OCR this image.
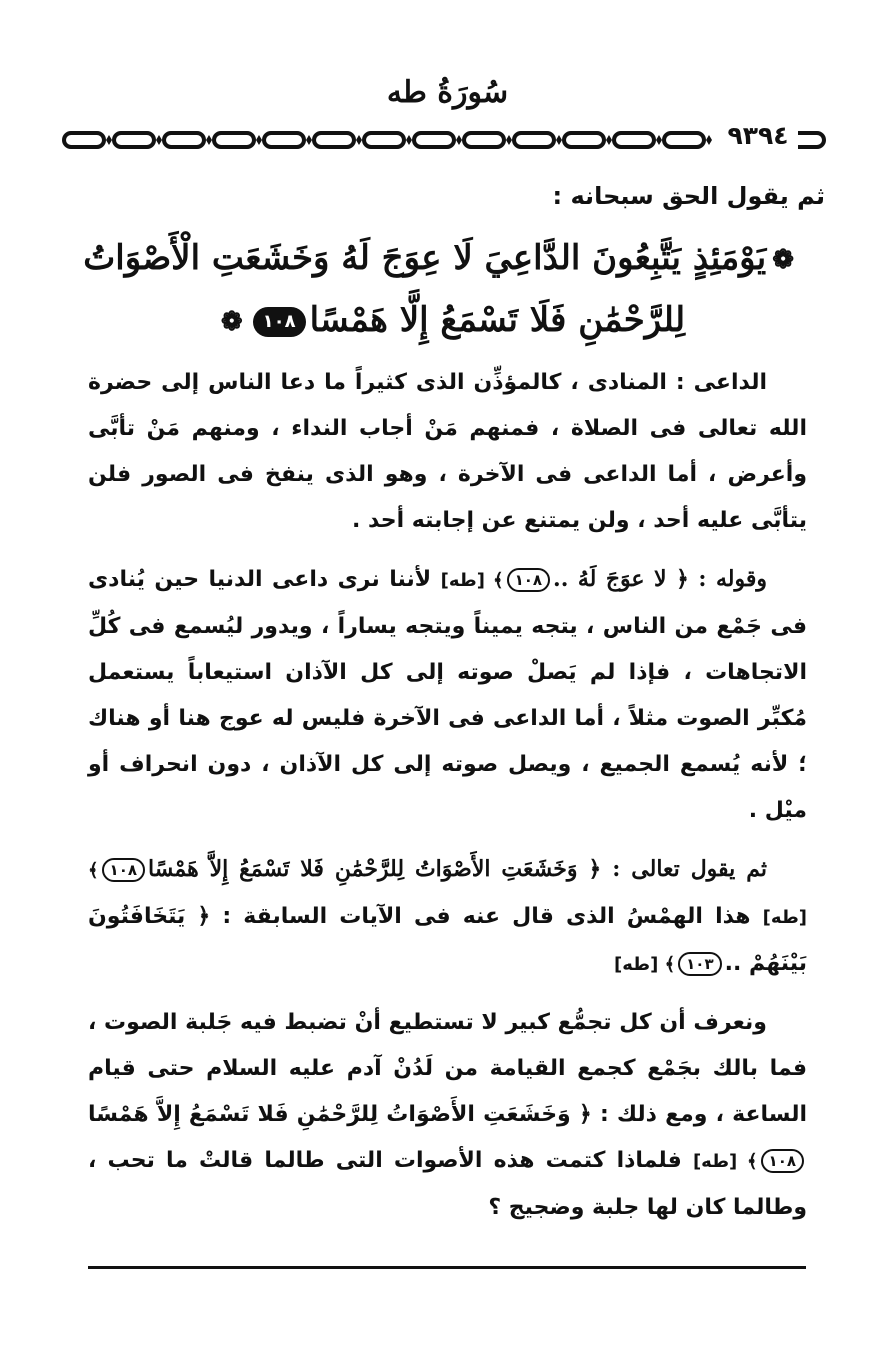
سُورَةُ طه
٩٣٩٤
ثم يقول الحق سبحانه :
❁يَوْمَئِذٍ يَتَّبِعُونَ الدَّاعِيَ لَا عِوَجَ لَهُ وَخَشَعَتِ الْأَصْوَاتُ
لِلرَّحْمَٰنِ فَلَا تَسْمَعُ إِلَّا هَمْسًا١٠٨❁

الداعى : المنادى ، كالمؤذِّن الذى كثيراً ما دعا الناس إلى حضرة الله تعالى فى الصلاة ، فمنهم مَنْ أجاب النداء ، ومنهم مَنْ تأبَّى وأعرض ، أما الداعى فى الآخرة ، وهو الذى ينفخ فى الصور فلن يتأبَّى عليه أحد ، ولن يمتنع عن إجابته أحد .

وقوله : ﴿ لا عوَجَ لَهُ ..١٠٨﴾ [طه] لأننا نرى داعى الدنيا حين يُنادى فى جَمْع من الناس ، يتجه يميناً ويتجه يساراً ، ويدور ليُسمع فى كُلِّ الاتجاهات ، فإذا لم يَصلْ صوته إلى كل الآذان استيعاباً يستعمل مُكبِّر الصوت مثلاً ، أما الداعى فى الآخرة فليس له عوج هنا أو هناك ؛ لأنه يُسمع الجميع ، ويصل صوته إلى كل الآذان ، دون انحراف أو ميْل .

ثم يقول تعالى : ﴿ وَخَشَعَتِ الأَصْوَاتُ لِلرَّحْمَٰنِ فَلا تَسْمَعُ إِلاَّ هَمْسًا١٠٨﴾ [طه] هذا الهمْسُ الذى قال عنه فى الآيات السابقة : ﴿ يَتَخَافَتُونَ بَيْنَهُمْ ..١٠٣﴾ [طه]

ونعرف أن كل تجمُّع كبير لا تستطيع أنْ تضبط فيه جَلبة الصوت ، فما بالك بجَمْع كجمع القيامة من لَدُنْ آدم عليه السلام حتى قيام الساعة ، ومع ذلك : ﴿ وَخَشَعَتِ الأَصْوَاتُ لِلرَّحْمَٰنِ فَلا تَسْمَعُ إِلاَّ هَمْسًا١٠٨﴾ [طه] فلماذا كتمت هذه الأصوات التى طالما قالتْ ما تحب ، وطالما كان لها جلبة وضجيج ؟
